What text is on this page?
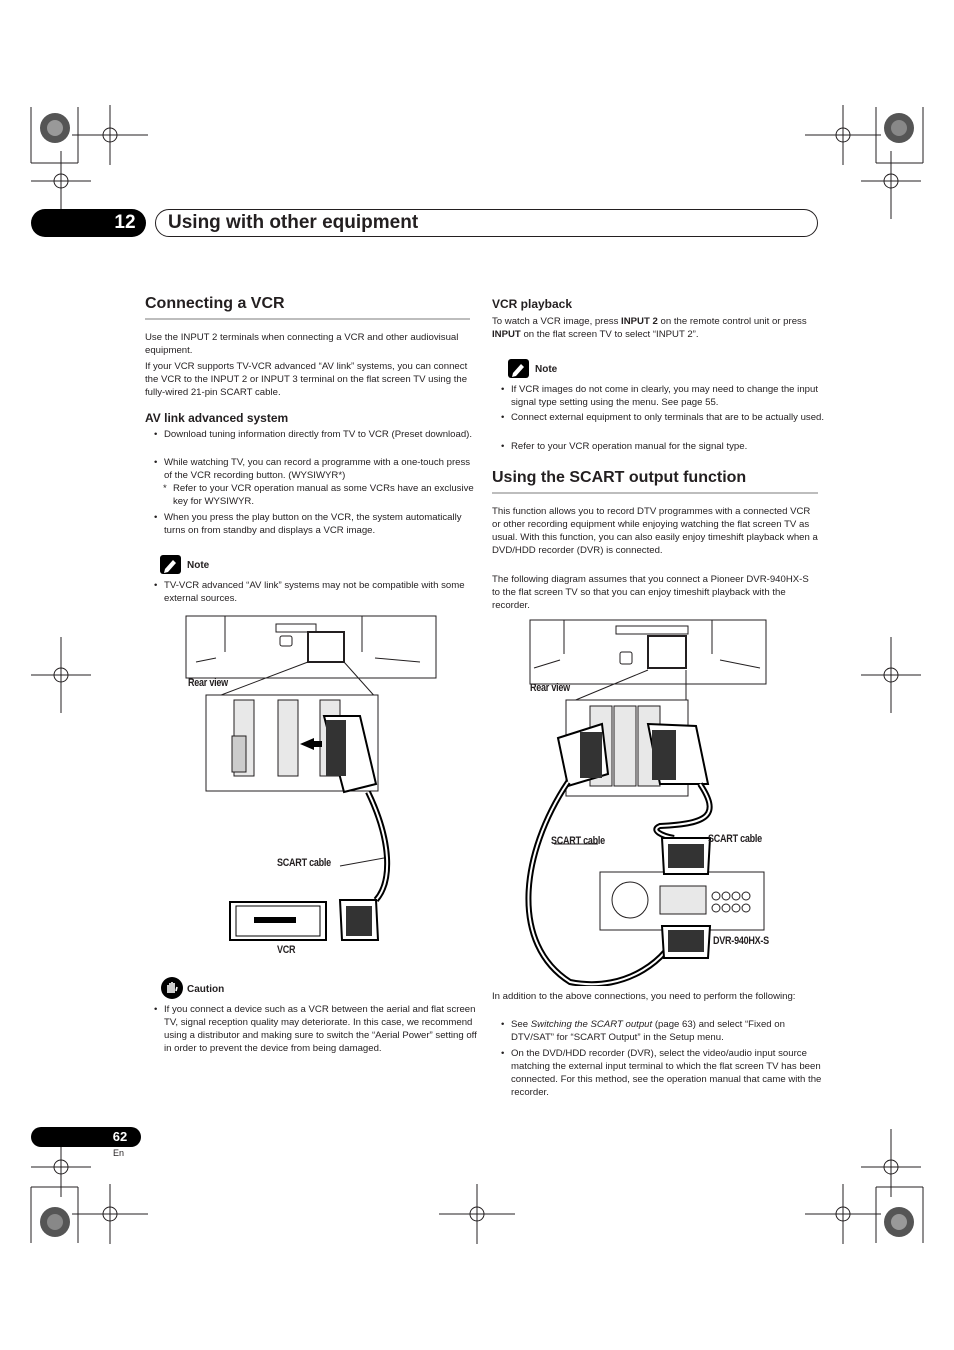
12 Using with other equipment
Connecting a VCR

Use the INPUT 2 terminals when connecting a VCR and other audiovisual equipment.

If your VCR supports TV-VCR advanced “AV link” systems, you can connect the VCR to the INPUT 2 or INPUT 3 terminal on the flat screen TV using the fully-wired 21-pin SCART cable.

AV link advanced system

• Download tuning information directly from TV to VCR (Preset download).

• While watching TV, you can record a programme with a one-touch press of the VCR recording button. (WYSIWYR*)

* Refer to your VCR operation manual as some VCRs have an exclusive key for WYSIWYR.

• When you press the play button on the VCR, the system automatically turns on from standby and displays a VCR image.

Note

• TV-VCR advanced “AV link” systems may not be compatible with some external sources.

Rear view
SCART cable
VCR
Caution

• If you connect a device such as a VCR between the aerial and flat screen TV, signal reception quality may deteriorate. In this case, we recommend using a distributor and making sure to switch the “Aerial Power” setting off in order to prevent the device from being damaged.

VCR playback

To watch a VCR image, press INPUT 2 on the remote control unit or press INPUT on the flat screen TV to select “INPUT 2”.

Note

• If VCR images do not come in clearly, you may need to change the input signal type setting using the menu. See page 55.

• Connect external equipment to only terminals that are to be actually used.

• Refer to your VCR operation manual for the signal type.

Using the SCART output function

This function allows you to record DTV programmes with a connected VCR or other recording equipment while enjoying watching the flat screen TV as usual. With this function, you can also easily enjoy timeshift playback when a DVD/HDD recorder (DVR) is connected.

The following diagram assumes that you connect a Pioneer DVR-940HX-S to the flat screen TV so that you can enjoy timeshift playback with the recorder.

Rear view
SCART cable	SCART cable
DVR-940HX-S

In addition to the above connections, you need to perform the following:

• See Switching the SCART output (page 63) and select “Fixed on DTV/SAT” for “SCART Output” in the Setup menu.

• On the DVD/HDD recorder (DVR), select the video/audio input source matching the external input terminal to which the flat screen TV has been connected. For this method, see the operation manual that came with the recorder.

62
En
